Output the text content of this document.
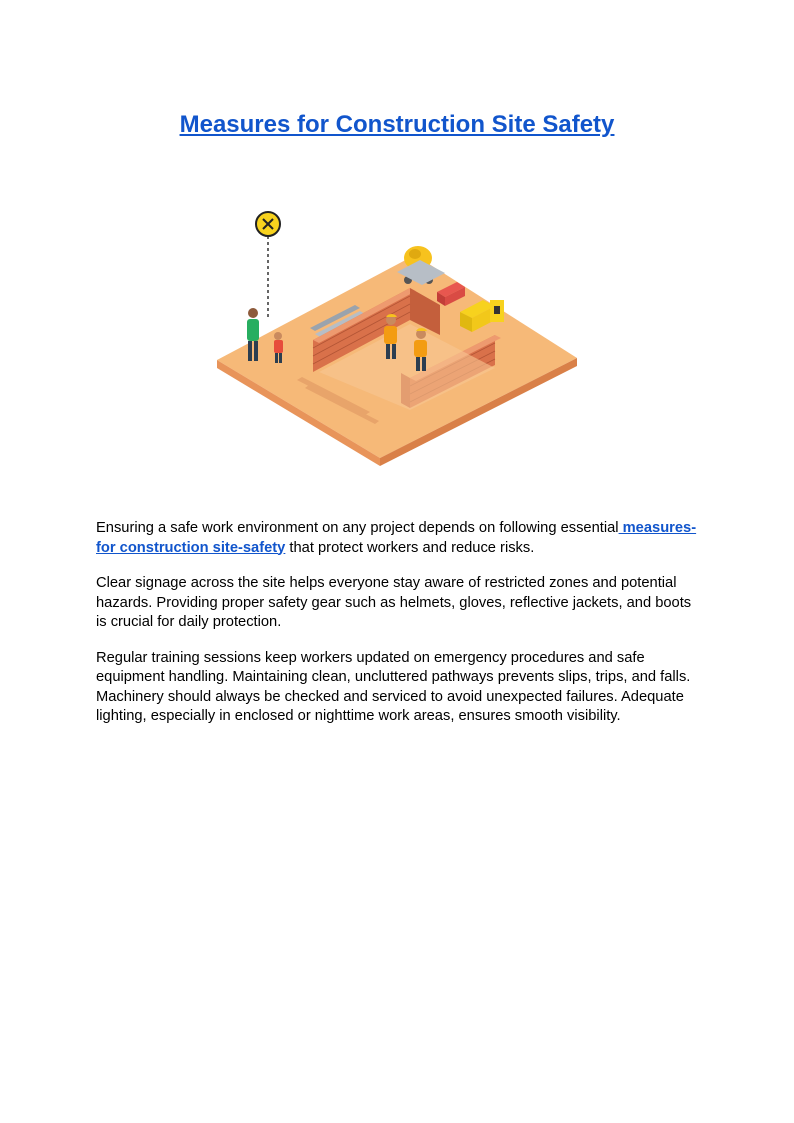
Measures for Construction Site Safety

Ensuring a safe work environment on any project depends on following essential measures-for construction site-safety that protect workers and reduce risks.

Clear signage across the site helps everyone stay aware of restricted zones and potential hazards. Providing proper safety gear such as helmets, gloves, reflective jackets, and boots is crucial for daily protection.

Regular training sessions keep workers updated on emergency procedures and safe equipment handling. Maintaining clean, uncluttered pathways prevents slips, trips, and falls. Machinery should always be checked and serviced to avoid unexpected failures. Adequate lighting, especially in enclosed or nighttime work areas, ensures smooth visibility.
